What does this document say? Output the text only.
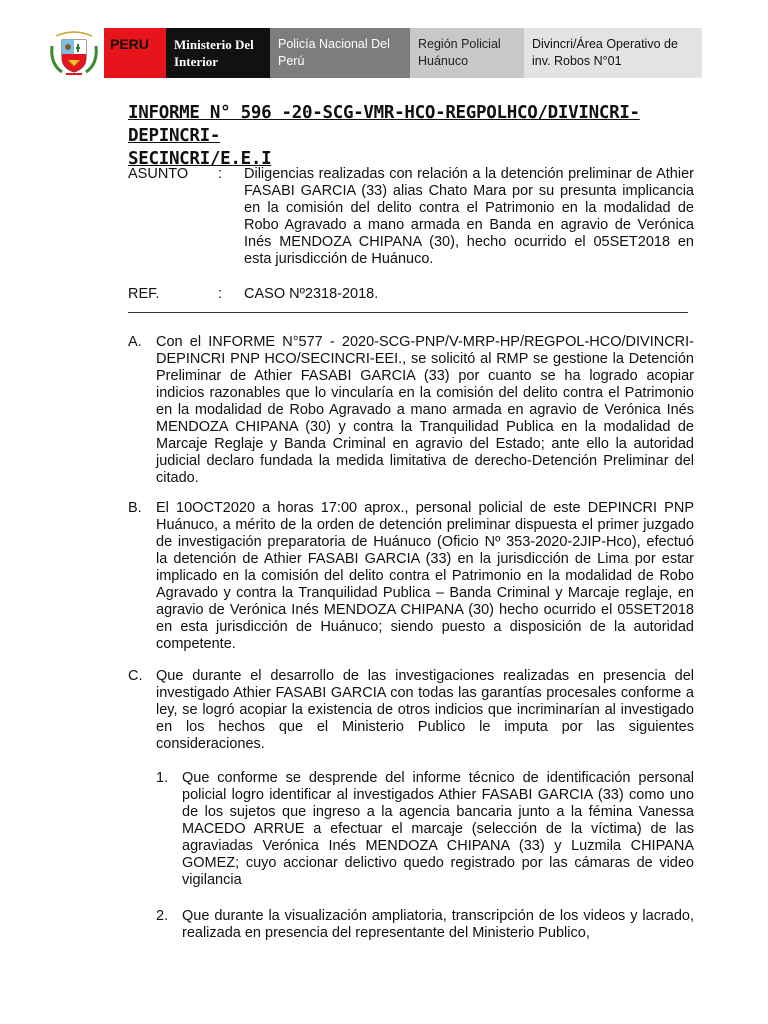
PERU	Ministerio Del Interior
Policía Nacional Del Perú
Región Policial Huánuco
Divincri/Área Operativo de inv. Robos N°01
INFORME N° 596 -20-SCG-VMR-HCO-REGPOLHCO/DIVINCRI-DEPINCRI-
SECINCRI/E.E.I
ASUNTO : Diligencias realizadas con relación a la detención preliminar de Athier FASABI GARCIA (33) alias Chato Mara por su presunta implicancia en la comisión del delito contra el Patrimonio en la modalidad de Robo Agravado a mano armada en Banda en agravio de Verónica Inés MENDOZA CHIPANA (30), hecho ocurrido el 05SET2018 en esta jurisdicción de Huánuco.
REF.	: CASO Nº2318-2018.
A. Con el INFORME N°577 - 2020-SCG-PNP/V-MRP-HP/REGPOL-HCO/DIVINCRI-DEPINCRI PNP HCO/SECINCRI-EEI., se solicitó al RMP se gestione la Detención Preliminar de Athier FASABI GARCIA (33) por cuanto se ha logrado acopiar indicios razonables que lo vincularía en la comisión del delito contra el Patrimonio en la modalidad de Robo Agravado a mano armada en agravio de Verónica Inés MENDOZA CHIPANA (30) y contra la Tranquilidad Publica en la modalidad de Marcaje Reglaje y Banda Criminal en agravio del Estado; ante ello la autoridad judicial declaro fundada la medida limitativa de derecho-Detención Preliminar del citado.
B. El 10OCT2020 a horas 17:00 aprox., personal policial de este DEPINCRI PNP Huánuco, a mérito de la orden de detención preliminar dispuesta el primer juzgado de investigación preparatoria de Huánuco (Oficio Nº 353-2020-2JIP-Hco), efectuó la detención de Athier FASABI GARCIA (33) en la jurisdicción de Lima por estar implicado en la comisión del delito contra el Patrimonio en la modalidad de Robo Agravado y contra la Tranquilidad Publica – Banda Criminal y Marcaje reglaje, en agravio de Verónica Inés MENDOZA CHIPANA (30) hecho ocurrido el 05SET2018 en esta jurisdicción de Huánuco; siendo puesto a disposición de la autoridad competente.
C. Que durante el desarrollo de las investigaciones realizadas en presencia del investigado Athier FASABI GARCIA con todas las garantías procesales conforme a ley, se logró acopiar la existencia de otros indicios que incriminarían al investigado en los hechos que el Ministerio Publico le imputa por las siguientes consideraciones.
1. Que conforme se desprende del informe técnico de identificación personal policial logro identificar al investigados Athier FASABI GARCIA (33) como uno de los sujetos que ingreso a la agencia bancaria junto a la fémina Vanessa MACEDO ARRUE a efectuar el marcaje (selección de la víctima) de las agraviadas Verónica Inés MENDOZA CHIPANA (33) y Luzmila CHIPANA GOMEZ; cuyo accionar delictivo quedo registrado por las cámaras de video vigilancia
2. Que durante la visualización ampliatoria, transcripción de los videos y lacrado, realizada en presencia del representante del Ministerio Publico,
